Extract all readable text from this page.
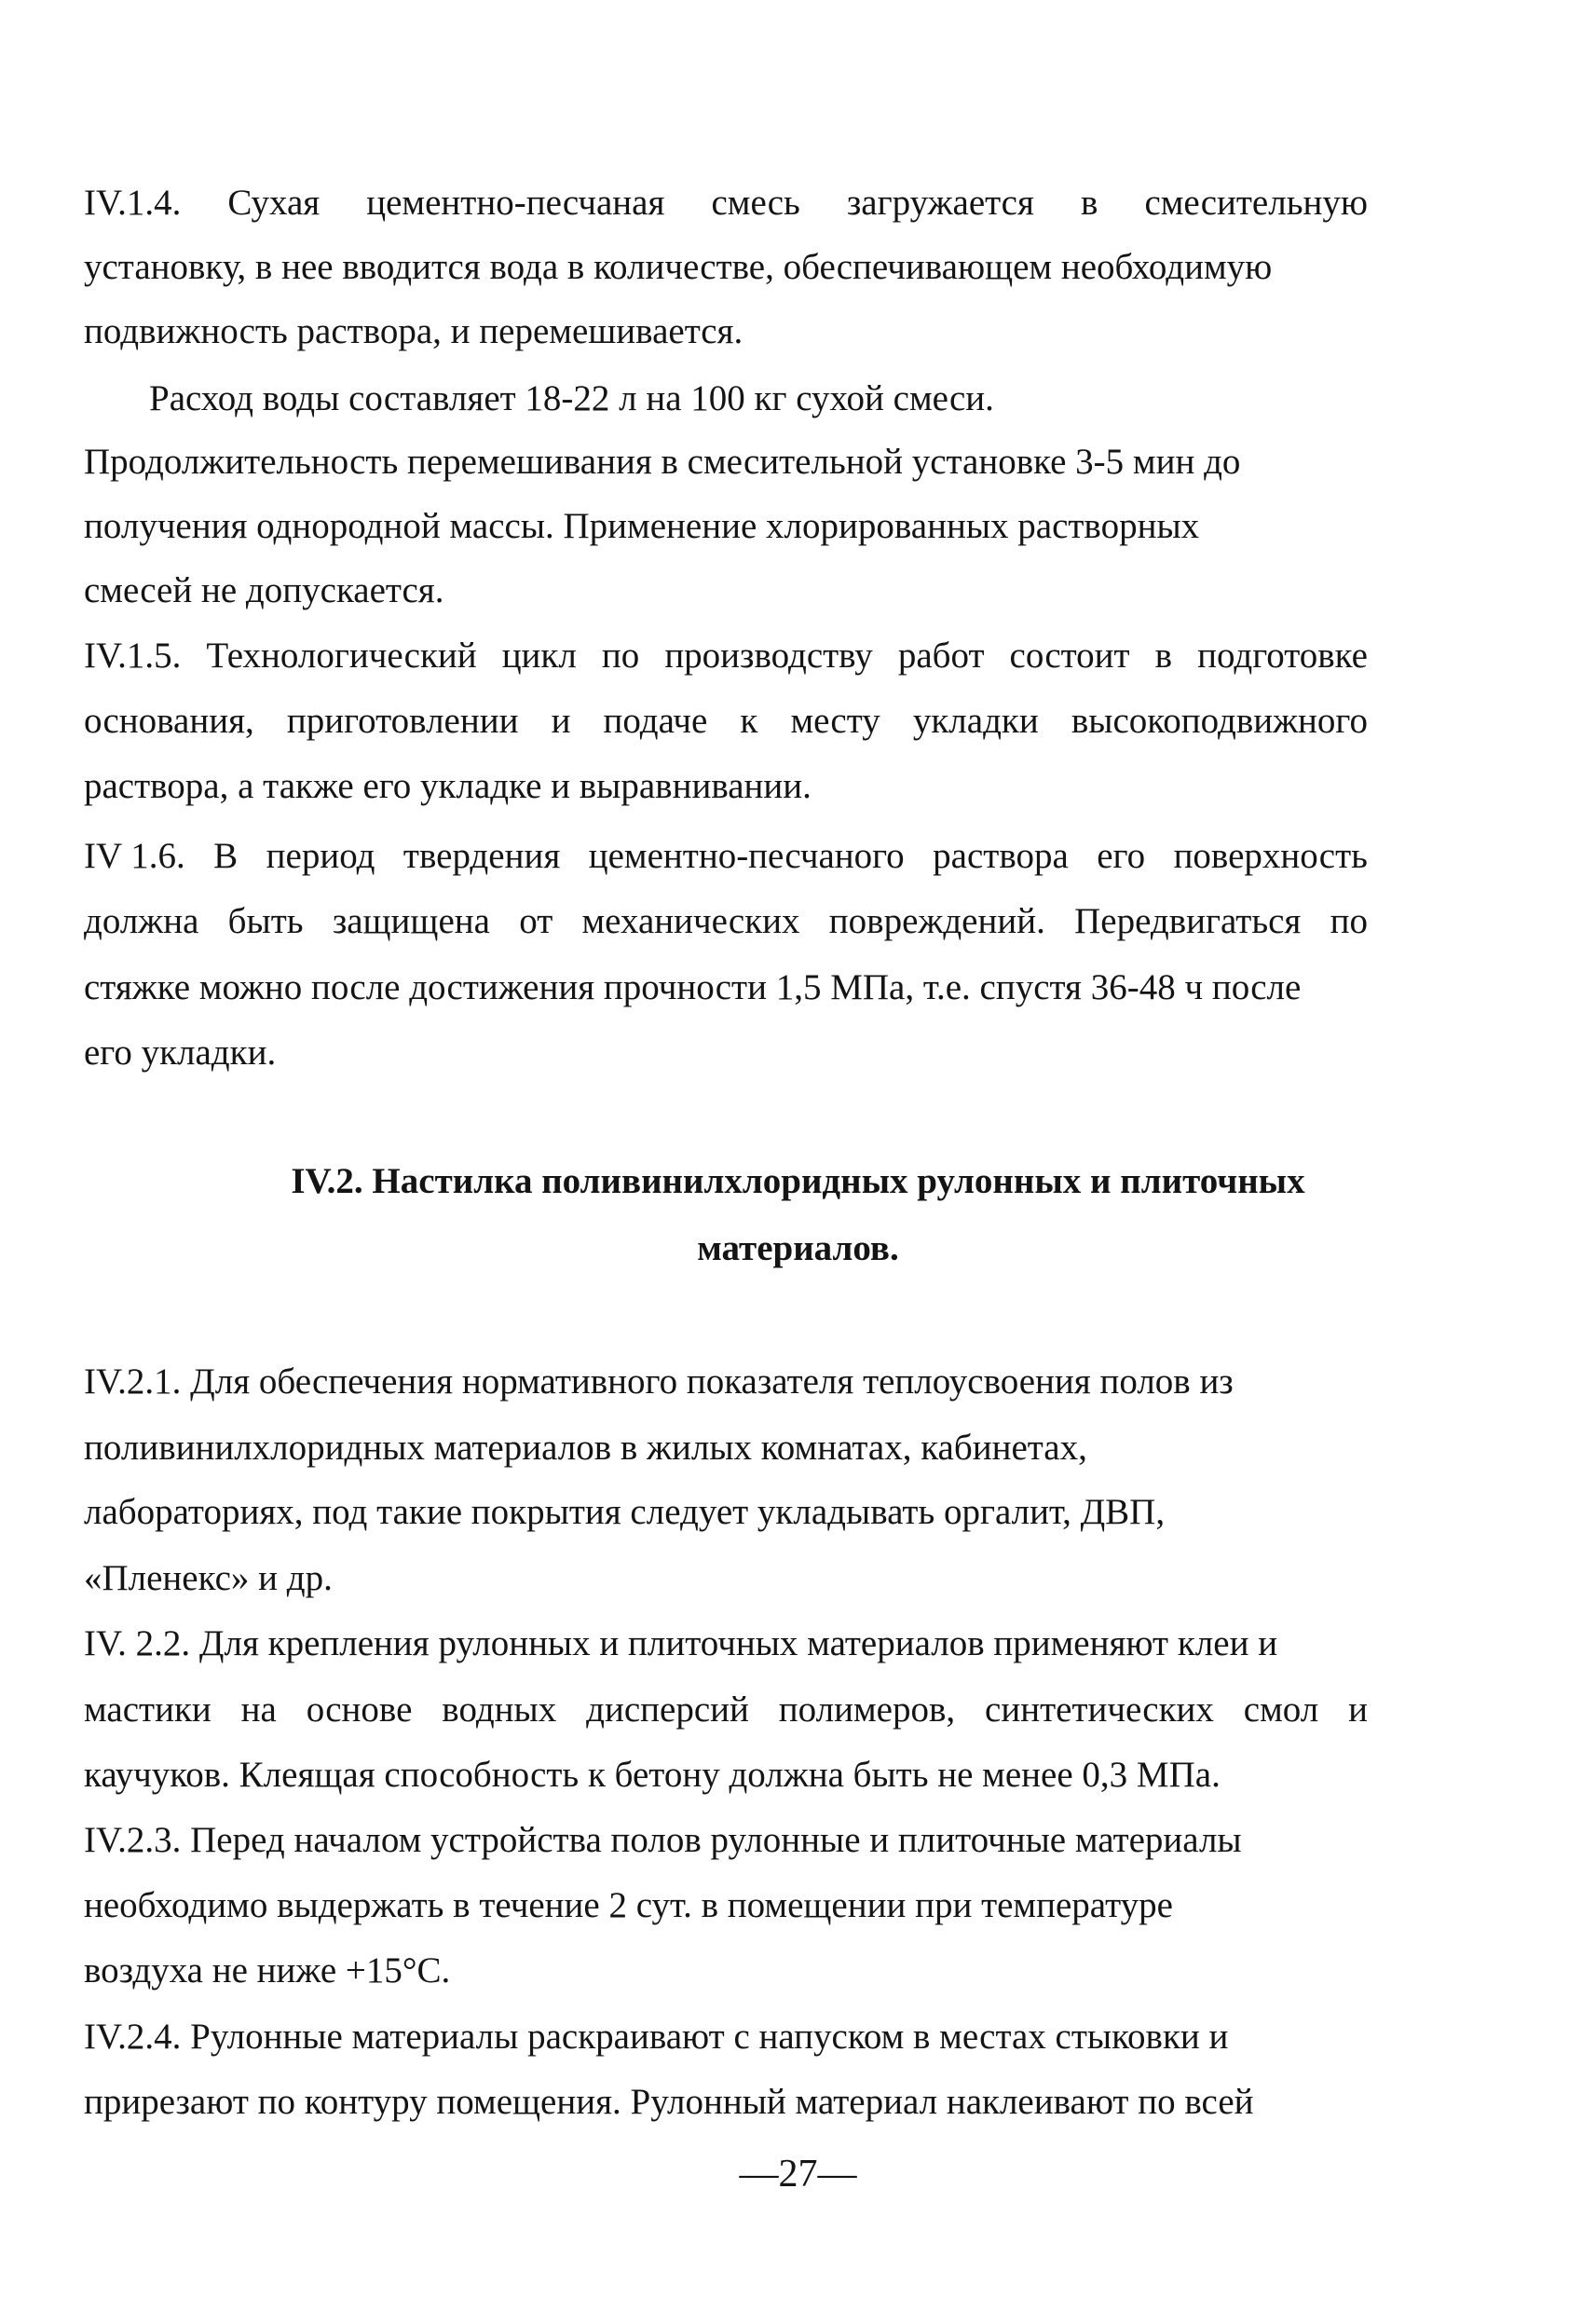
IV.1.4. Сухая цементно-песчаная смесь загружается в смесительную
установку, в нее вводится вода в количестве, обеспечивающем необходимую
подвижность раствора, и перемешивается.
Расход воды составляет 18-22 л на 100 кг сухой смеси.
Продолжительность перемешивания в смесительной установке 3-5 мин до
получения однородной массы. Применение хлорированных растворных
смесей не допускается.
IV.1.5. Технологический цикл по производству работ состоит в подготовке
основания, приготовлении и подаче к месту укладки высокоподвижного
раствора, а также его укладке и выравнивании.
IV 1.6. В период твердения цементно-песчаного раствора его поверхность
должна быть защищена от механических повреждений. Передвигаться по
стяжке можно после достижения прочности 1,5 МПа, т.е. спустя 36-48 ч после
его укладки.
IV.2. Настилка поливинилхлоридных рулонных и плиточных
материалов.
IV.2.1. Для обеспечения нормативного показателя теплоусвоения полов из
поливинилхлоридных материалов в жилых комнатах, кабинетах,
лабораториях, под такие покрытия следует укладывать оргалит, ДВП,
«Пленекс» и др.
IV. 2.2. Для крепления рулонных и плиточных материалов применяют клеи и
мастики на основе водных дисперсий полимеров, синтетических смол и
каучуков. Клеящая способность к бетону должна быть не менее 0,3 МПа.
IV.2.3. Перед началом устройства полов рулонные и плиточные материалы
необходимо выдержать в течение 2 сут. в помещении при температуре
воздуха не ниже +15°С.
IV.2.4. Рулонные материалы раскраивают с напуском в местах стыковки и
прирезают по контуру помещения. Рулонный материал наклеивают по всей
—27—
